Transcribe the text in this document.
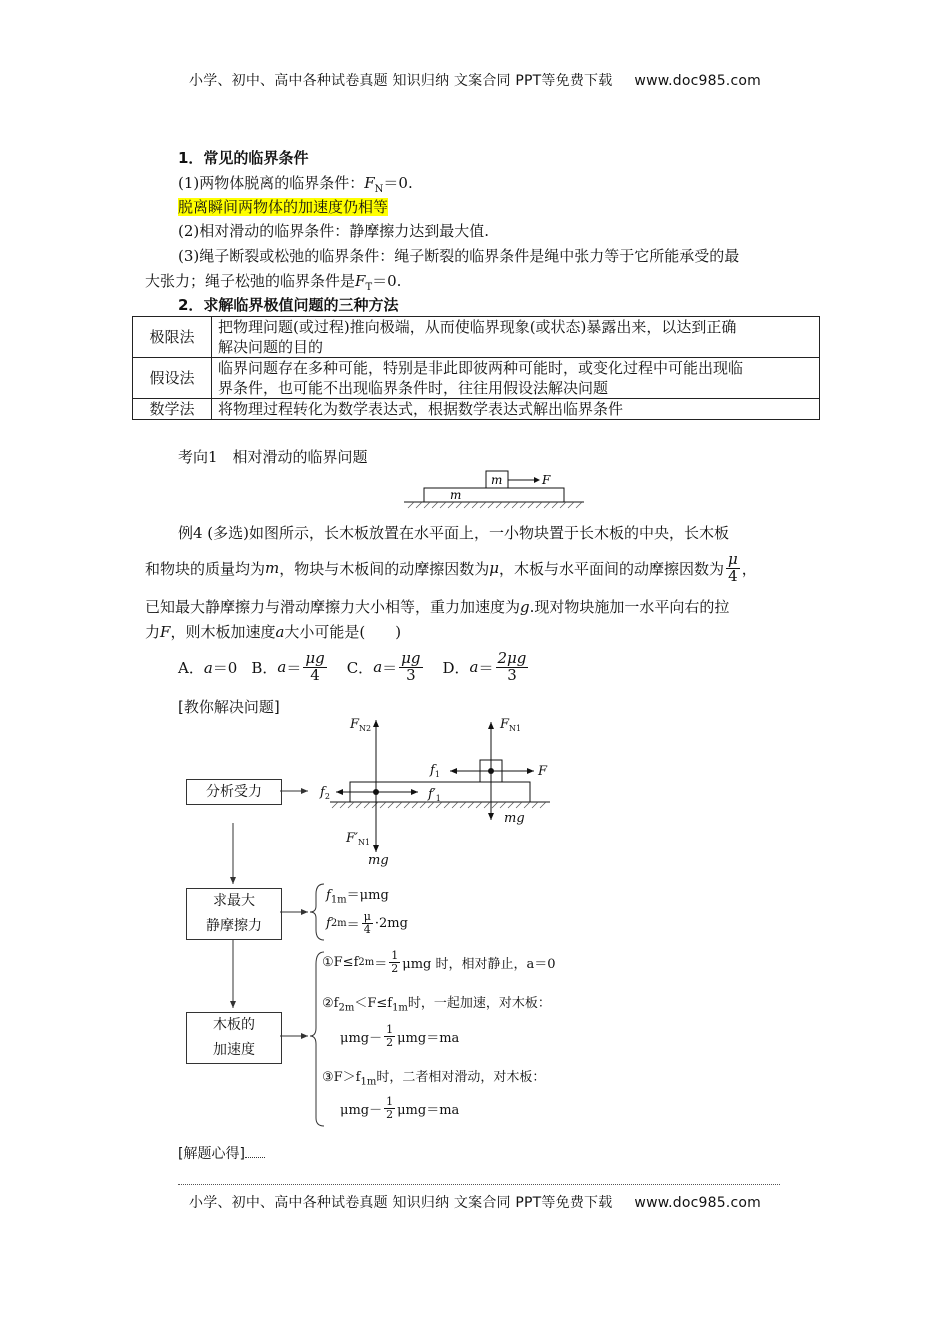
小学、初中、高中各种试卷真题 知识归纳 文案合同 PPT等免费下载 www.doc985.com
1．常见的临界条件
(1)两物体脱离的临界条件：$F_N=0$.
脱离瞬间两物体的加速度仍相等
(2)相对滑动的临界条件：静摩擦力达到最大值.
(3)绳子断裂或松弛的临界条件：绳子断裂的临界条件是绳中张力等于它所能承受的最
大张力；绳子松弛的临界条件是$F_T=0$.
2．求解临界极值问题的三种方法
极限法	把物理问题(或过程)推向极端，从而使临界现象(或状态)暴露出来，以达到正确
解决问题的目的

假设法	临界问题存在多种可能，特别是非此即彼两种可能时，或变化过程中可能出现临
界条件，也可能不出现临界条件时，往往用假设法解决问题

数学法	将物理过程转化为数学表达式，根据数学表达式解出临界条件
考向1　相对滑动的临界问题
m	F
m
例4 (多选)如图所示，长木板放置在水平面上，一小物块置于长木板的中央，长木板
和物块的质量均为 m ，物块与木板间的动摩擦因数为 μ ，木板与水平面间的动摩擦因数为 $\frac{\mu}{4}$ ，
已知最大静摩擦力与滑动摩擦力大小相等，重力加速度为g.现对物块施加一水平向右的拉
力F，则木板加速度a大小可能是(　　)
A．a＝0 B． $a = \frac{\mu g}{4}$ C． $a = \frac{\mu g}{3}$ D． $a = \frac{2\mu g}{3}$
[教你解决问题]
$F_{N2}$	$F_{N1}$
$f_1$	F
$f_2$	$f'_1$
mg
$F'_{N1}$
mg
分析受力
求最大
静摩擦力
木板的
加速度
$f_{1m}=\mu mg$
f $2m = \frac{\mu}{4} \cdot 2mg$
①F≤f $2m = \frac{1}{2}$ μmg 时，相对静止，a＝0
$②f_{2m}<F\le f_{1m}$时，一起加速，对木板：
$\mu mg- \frac{1}{2} \mu mg=ma$
$③F>f_{1m}$时，二者相对滑动，对木板：
$\mu mg- \frac{1}{2} \mu mg=ma$
[解题心得]
小学、初中、高中各种试卷真题 知识归纳 文案合同 PPT等免费下载 www.doc985.com
